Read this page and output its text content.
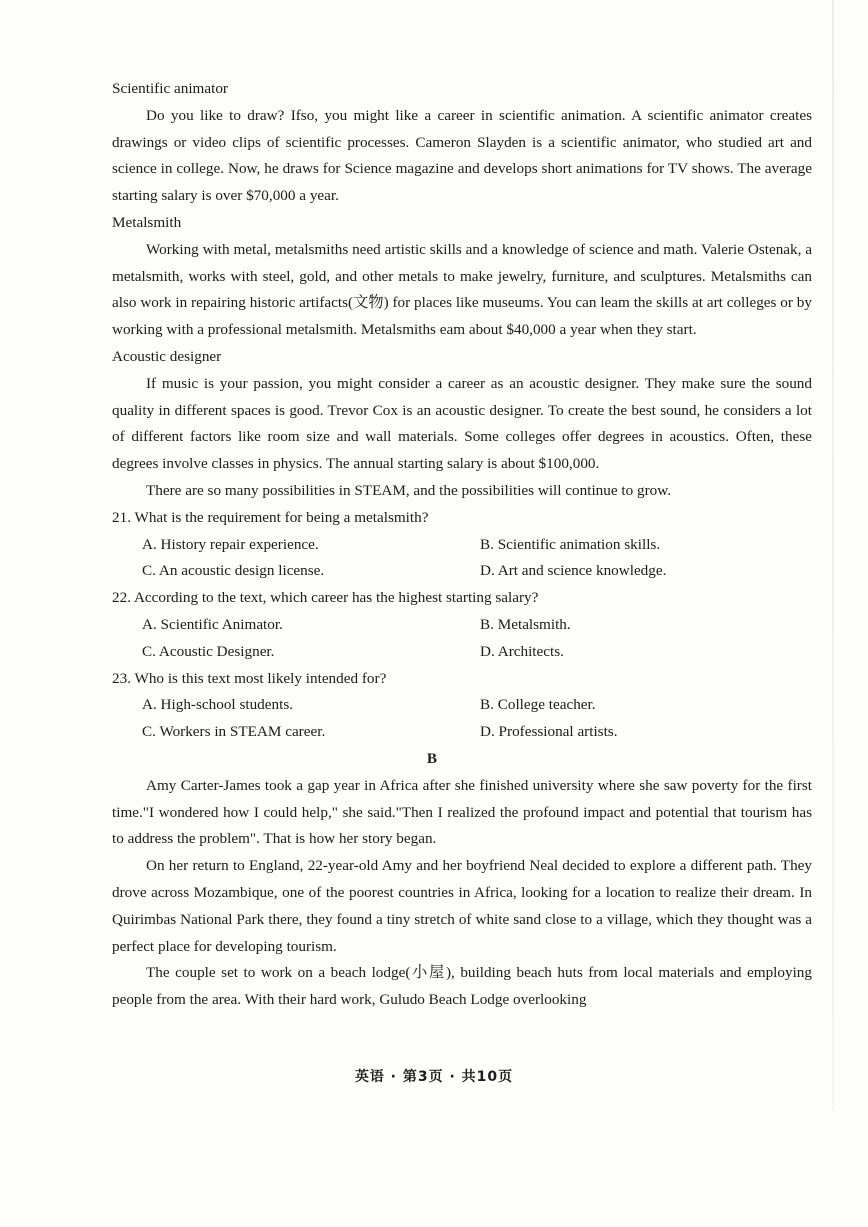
Scientific animator

Do you like to draw? Ifso, you might like a career in scientific animation. A scientific animator creates drawings or video clips of scientific processes. Cameron Slayden is a scientific animator, who studied art and science in college. Now, he draws for Science magazine and develops short animations for TV shows. The average starting salary is over $70,000 a year.

Metalsmith

Working with metal, metalsmiths need artistic skills and a knowledge of science and math. Valerie Ostenak, a metalsmith, works with steel, gold, and other metals to make jewelry, furniture, and sculptures. Metalsmiths can also work in repairing historic artifacts(文物) for places like museums. You can leam the skills at art colleges or by working with a professional metalsmith. Metalsmiths eam about $40,000 a year when they start.

Acoustic designer

If music is your passion, you might consider a career as an acoustic designer. They make sure the sound quality in different spaces is good. Trevor Cox is an acoustic designer. To create the best sound, he considers a lot of different factors like room size and wall materials. Some colleges offer degrees in acoustics. Often, these degrees involve classes in physics. The annual starting salary is about $100,000.

There are so many possibilities in STEAM, and the possibilities will continue to grow.

21. What is the requirement for being a metalsmith?

A. History repair experience.	B. Scientific animation skills.

C. An acoustic design license.	D. Art and science knowledge.

22. According to the text, which career has the highest starting salary?

A. Scientific Animator.	B. Metalsmith.

C. Acoustic Designer.	D. Architects.

23. Who is this text most likely intended for?

A. High-school students.	B. College teacher.

C. Workers in STEAM career.	D. Professional artists.

B

Amy Carter-James took a gap year in Africa after she finished university where she saw poverty for the first time."I wondered how I could help," she said."Then I realized the profound impact and potential that tourism has to address the problem". That is how her story began.

On her return to England, 22-year-old Amy and her boyfriend Neal decided to explore a different path. They drove across Mozambique, one of the poorest countries in Africa, looking for a location to realize their dream. In Quirimbas National Park there, they found a tiny stretch of white sand close to a village, which they thought was a perfect place for developing tourism.

The couple set to work on a beach lodge(小屋), building beach huts from local materials and employing people from the area. With their hard work, Guludo Beach Lodge overlooking

英语 · 第3页 · 共10页
